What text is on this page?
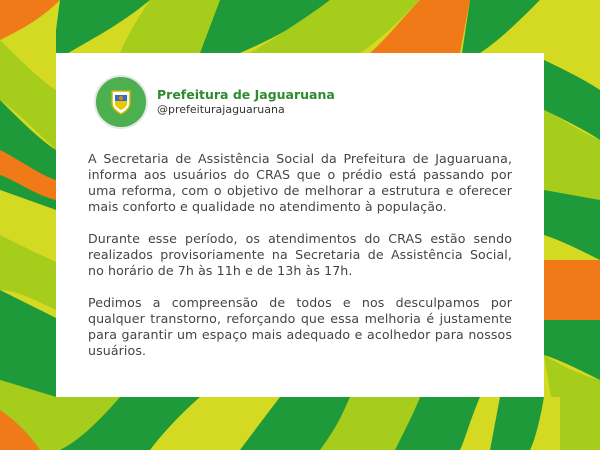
Prefeitura de Jaguaruana
@prefeiturajaguaruana

A Secretaria de Assistência Social da Prefeitura de Jaguaruana, informa aos usuários do CRAS que o prédio está passando por uma reforma, com o objetivo de melhorar a estrutura e oferecer mais conforto e qualidade no atendimento à população.

Durante esse período, os atendimentos do CRAS estão sendo realizados provisoriamente na Secretaria de Assistência Social, no horário de 7h às 11h e de 13h às 17h.

Pedimos a compreensão de todos e nos desculpamos por qualquer transtorno, reforçando que essa melhoria é justamente para garantir um espaço mais adequado e acolhedor para nossos usuários.
